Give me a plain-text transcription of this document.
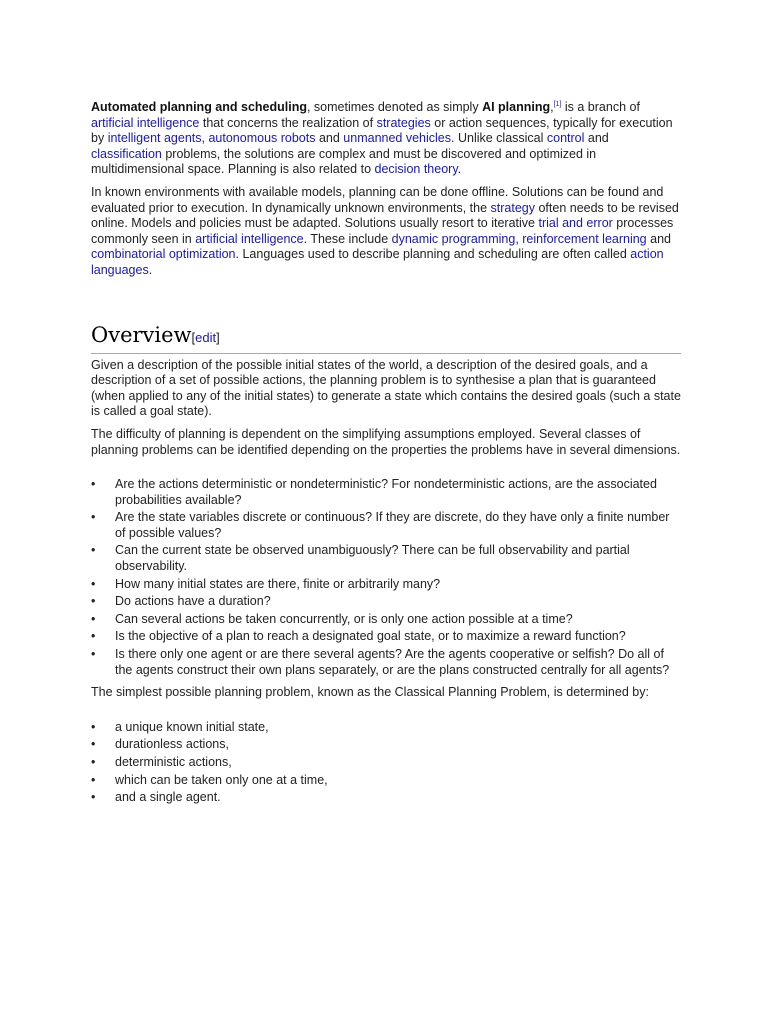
Automated planning and scheduling, sometimes denoted as simply AI planning,[1] is a branch of artificial intelligence that concerns the realization of strategies or action sequences, typically for execution by intelligent agents, autonomous robots and unmanned vehicles. Unlike classical control and classification problems, the solutions are complex and must be discovered and optimized in multidimensional space. Planning is also related to decision theory.

In known environments with available models, planning can be done offline. Solutions can be found and evaluated prior to execution. In dynamically unknown environments, the strategy often needs to be revised online. Models and policies must be adapted. Solutions usually resort to iterative trial and error processes commonly seen in artificial intelligence. These include dynamic programming, reinforcement learning and combinatorial optimization. Languages used to describe planning and scheduling are often called action languages.

Overview[edit]

Given a description of the possible initial states of the world, a description of the desired goals, and a description of a set of possible actions, the planning problem is to synthesise a plan that is guaranteed (when applied to any of the initial states) to generate a state which contains the desired goals (such a state is called a goal state).

The difficulty of planning is dependent on the simplifying assumptions employed. Several classes of planning problems can be identified depending on the properties the problems have in several dimensions.

•	Are the actions deterministic or nondeterministic? For nondeterministic actions, are the associated probabilities available?
•	Are the state variables discrete or continuous? If they are discrete, do they have only a finite number of possible values?
•	Can the current state be observed unambiguously? There can be full observability and partial observability.
•	How many initial states are there, finite or arbitrarily many?
•	Do actions have a duration?
•	Can several actions be taken concurrently, or is only one action possible at a time?
•	Is the objective of a plan to reach a designated goal state, or to maximize a reward function?
•	Is there only one agent or are there several agents? Are the agents cooperative or selfish? Do all of the agents construct their own plans separately, or are the plans constructed centrally for all agents?

The simplest possible planning problem, known as the Classical Planning Problem, is determined by:

•	a unique known initial state,
•	durationless actions,
•	deterministic actions,
•	which can be taken only one at a time,
•	and a single agent.
